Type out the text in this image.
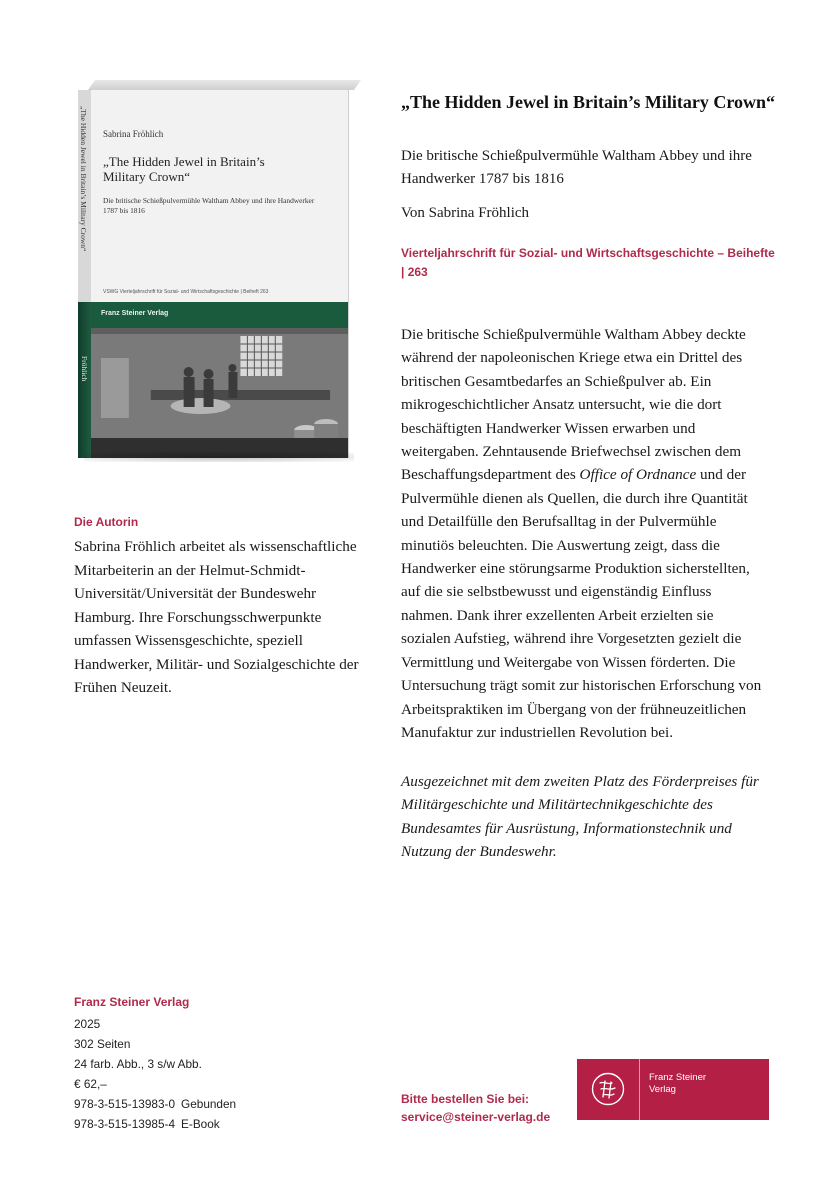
„The Hidden Jewel in Britain’s Military Crown“
Fröhlich
Sabrina Fröhlich
„The Hidden Jewel in Britain’s Military Crown“
Die britische Schießpulvermühle Waltham Abbey und ihre Handwerker 1787 bis 1816
VSWG Vierteljahrschrift für Sozial- und Wirtschaftsgeschichte | Beiheft 263
Franz Steiner Verlag
Die Autorin
Sabrina Fröhlich arbeitet als wissenschaftliche Mitarbeiterin an der Helmut-Schmidt-Universität/Universität der Bundeswehr Hamburg. Ihre Forschungsschwerpunkte umfassen Wissensgeschichte, speziell Handwerker, Militär- und Sozialgeschichte der Frühen Neuzeit.
„The Hidden Jewel in Britain’s Military Crown“
Die britische Schießpulvermühle Waltham Abbey und ihre Handwerker 1787 bis 1816
Von Sabrina Fröhlich
Vierteljahrschrift für Sozial- und Wirtschaftsgeschichte – Beihefte | 263
Die britische Schießpulvermühle Waltham Abbey deckte während der napoleonischen Kriege etwa ein Drittel des britischen Gesamtbedarfes an Schießpulver ab. Ein mikrogeschichtlicher Ansatz untersucht, wie die dort beschäftigten Handwerker Wissen erwarben und weitergaben. Zehntausende Briefwechsel zwischen dem Beschaffungsdepartment des Office of Ordnance und der Pulvermühle dienen als Quellen, die durch ihre Quantität und Detailfülle den Berufsalltag in der Pulvermühle minutiös beleuchten. Die Auswertung zeigt, dass die Handwerker eine störungsarme Produktion sicherstellten, auf die sie selbstbewusst und eigenständig Einfluss nahmen. Dank ihrer exzellenten Arbeit erzielten sie sozialen Aufstieg, während ihre Vorgesetzten gezielt die Vermittlung und Weitergabe von Wissen förderten. Die Untersuchung trägt somit zur historischen Erforschung von Arbeitspraktiken im Übergang von der frühneuzeitlichen Manufaktur zur industriellen Revolution bei.
Ausgezeichnet mit dem zweiten Platz des Förderpreises für Militärgeschichte und Militärtechnikgeschichte des Bundesamtes für Ausrüstung, Informationstechnik und Nutzung der Bundeswehr.
Franz Steiner Verlag
2025
302 Seiten
24 farb. Abb., 3 s/w Abb.
€ 62,–
978-3-515-13983-0 Gebunden
978-3-515-13985-4 E-Book
Bitte bestellen Sie bei:
service@steiner-verlag.de
Franz Steiner
Verlag
